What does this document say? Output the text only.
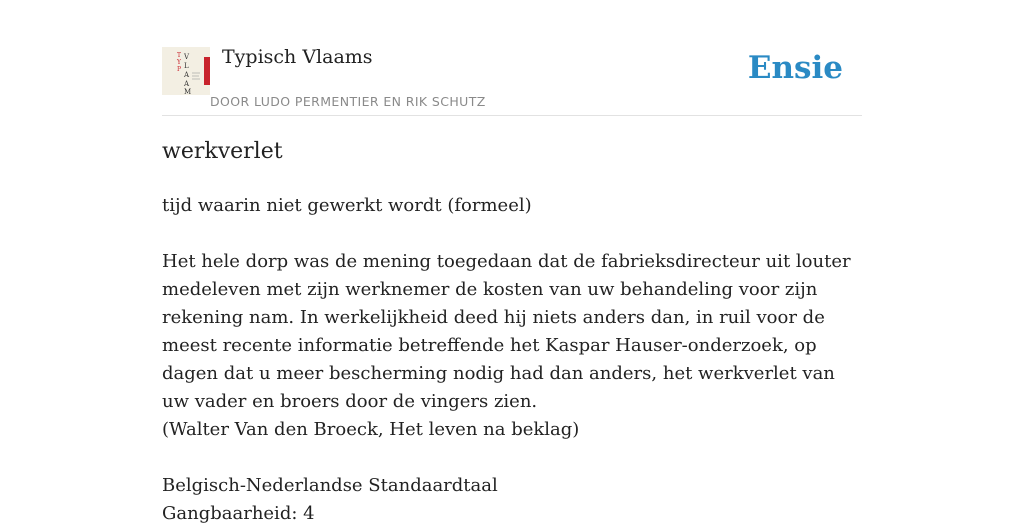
T
Y
P
V
L
A
A
M
Typisch Vlaams
DOOR LUDO PERMENTIER EN RIK SCHUTZ
Ensie
werkverlet

tijd waarin niet gewerkt wordt (formeel)

Het hele dorp was de mening toegedaan dat de fabrieksdirecteur uit louter medeleven met zijn werknemer de kosten van uw behandeling voor zijn rekening nam. In werkelijkheid deed hij niets anders dan, in ruil voor de meest recente informatie betreffende het Kaspar Hauser-onderzoek, op dagen dat u meer bescherming nodig had dan anders, het werkverlet van uw vader en broers door de vingers zien.

(Walter Van den Broeck, Het leven na beklag)

Belgisch-Nederlandse Standaardtaal

Gangbaarheid: 4
